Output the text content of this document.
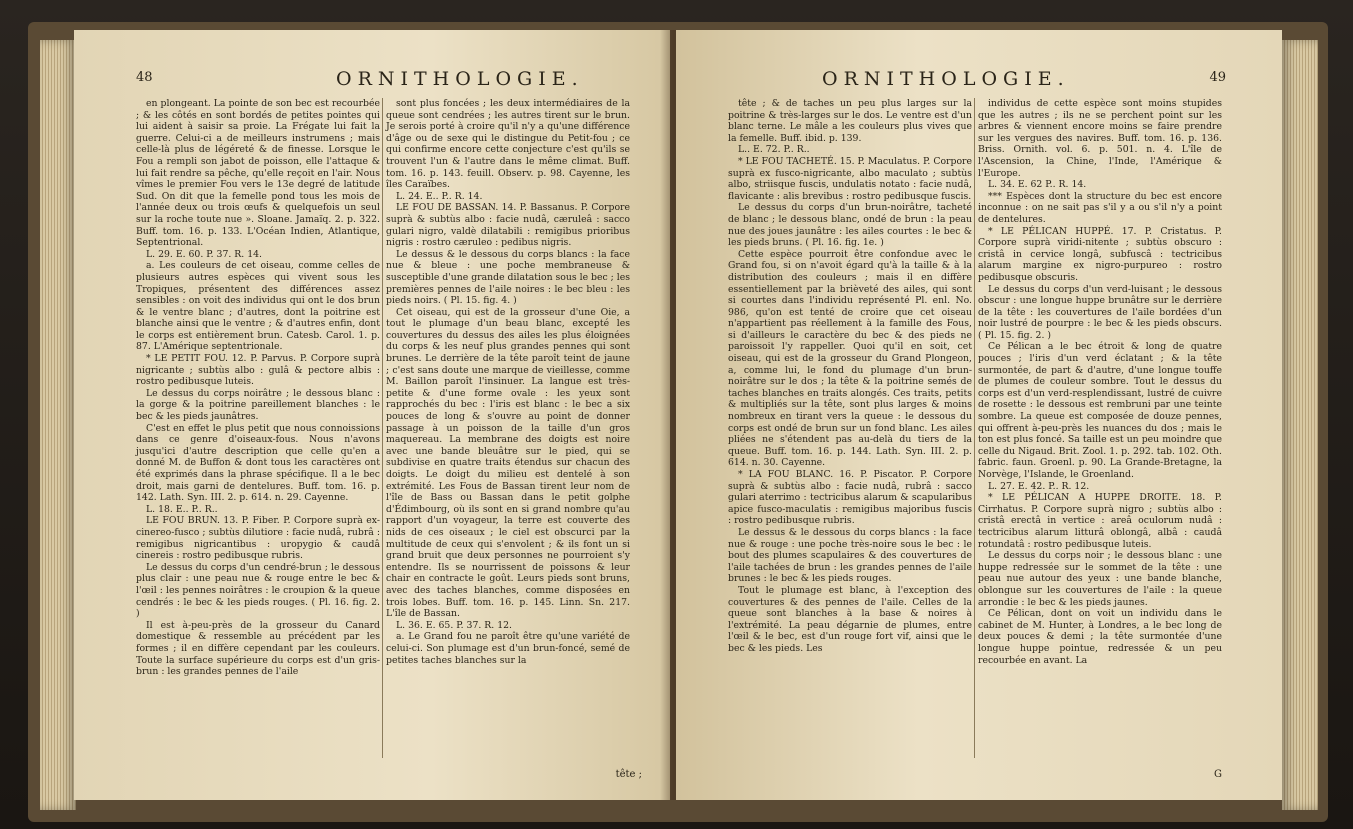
48	ORNITHOLOGIE.

en plongeant. La pointe de son bec est recourbée ; & les côtés en sont bordés de petites pointes qui lui aident à saisir sa proie. La Frégate lui fait la guerre. Celui-ci a de meilleurs instrumens ; mais celle-là plus de légéreté & de finesse. Lorsque le Fou a rempli son jabot de poisson, elle l'attaque & lui fait rendre sa pêche, qu'elle reçoit en l'air. Nous vîmes le premier Fou vers le 13e degré de latitude Sud. On dit que la femelle pond tous les mois de l'année deux ou trois œufs & quelquefois un seul sur la roche toute nue ». Sloane. Jamaïq. 2. p. 322. Buff. tom. 16. p. 133. L'Océan Indien, Atlantique, Septentrional.

L. 29. E. 60. P. 37. R. 14.

a. Les couleurs de cet oiseau, comme celles de plusieurs autres espèces qui vivent sous les Tropiques, présentent des différences assez sensibles : on voit des individus qui ont le dos brun & le ventre blanc ; d'autres, dont la poitrine est blanche ainsi que le ventre ; & d'autres enfin, dont le corps est entièrement brun. Catesb. Carol. 1. p. 87. L'Amérique septentrionale.

* LE PETIT FOU. 12. P. Parvus. P. Corpore suprà nigricante ; subtùs albo : gulâ & pectore albis : rostro pedibusque luteis.

Le dessus du corps noirâtre ; le dessous blanc : la gorge & la poitrine pareillement blanches : le bec & les pieds jaunâtres.

C'est en effet le plus petit que nous connoissions dans ce genre d'oiseaux-fous. Nous n'avons jusqu'ici d'autre description que celle qu'en a donné M. de Buffon & dont tous les caractères ont été exprimés dans la phrase spécifique. Il a le bec droit, mais garni de dentelures. Buff. tom. 16. p. 142. Lath. Syn. III. 2. p. 614. n. 29. Cayenne.

L. 18. E.. P.. R..

LE FOU BRUN. 13. P. Fiber. P. Corpore suprà ex-cinereo-fusco ; subtùs dilutiore : facie nudâ, rubrâ : remigibus nigricantibus : uropygio & caudâ cinereis : rostro pedibusque rubris.

Le dessus du corps d'un cendré-brun ; le dessous plus clair : une peau nue & rouge entre le bec & l'œil : les pennes noirâtres : le croupion & la queue cendrés : le bec & les pieds rouges. ( Pl. 16. fig. 2. )

Il est à-peu-près de la grosseur du Canard domestique & ressemble au précédent par les formes ; il en diffère cependant par les couleurs. Toute la surface supérieure du corps est d'un gris-brun : les grandes pennes de l'aile

sont plus foncées ; les deux intermédiaires de la queue sont cendrées ; les autres tirent sur le brun. Je serois porté à croire qu'il n'y a qu'une différence d'âge ou de sexe qui le distingue du Petit-fou ; ce qui confirme encore cette conjecture c'est qu'ils se trouvent l'un & l'autre dans le même climat. Buff. tom. 16. p. 143. feuill. Observ. p. 98. Cayenne, les îles Caraïbes.

L. 24. E.. P.. R. 14.

LE FOU DE BASSAN. 14. P. Bassanus. P. Corpore suprà & subtùs albo : facie nudâ, cæruleâ : sacco gulari nigro, valdè dilatabili : remigibus prioribus nigris : rostro cæruleo : pedibus nigris.

Le dessus & le dessous du corps blancs : la face nue & bleue : une poche membraneuse & susceptible d'une grande dilatation sous le bec ; les premières pennes de l'aile noires : le bec bleu : les pieds noirs. ( Pl. 15. fig. 4. )

Cet oiseau, qui est de la grosseur d'une Oie, a tout le plumage d'un beau blanc, excepté les couvertures du dessus des ailes les plus éloignées du corps & les neuf plus grandes pennes qui sont brunes. Le derrière de la tête paroît teint de jaune ; c'est sans doute une marque de vieillesse, comme M. Baillon paroît l'insinuer. La langue est très-petite & d'une forme ovale : les yeux sont rapprochés du bec : l'iris est blanc : le bec a six pouces de long & s'ouvre au point de donner passage à un poisson de la taille d'un gros maquereau. La membrane des doigts est noire avec une bande bleuâtre sur le pied, qui se subdivise en quatre traits étendus sur chacun des doigts. Le doigt du milieu est dentelé à son extrémité. Les Fous de Bassan tirent leur nom de l'île de Bass ou Bassan dans le petit golphe d'Édimbourg, où ils sont en si grand nombre qu'au rapport d'un voyageur, la terre est couverte des nids de ces oiseaux ; le ciel est obscurci par la multitude de ceux qui s'envolent ; & ils font un si grand bruit que deux personnes ne pourroient s'y entendre. Ils se nourrissent de poissons & leur chair en contracte le goût. Leurs pieds sont bruns, avec des taches blanches, comme disposées en trois lobes. Buff. tom. 16. p. 145. Linn. Sn. 217. L'île de Bassan.

L. 36. E. 65. P. 37. R. 12.

a. Le Grand fou ne paroît être qu'une variété de celui-ci. Son plumage est d'un brun-foncé, semé de petites taches blanches sur la

tête ;
ORNITHOLOGIE.	49

tête ; & de taches un peu plus larges sur la poitrine & très-larges sur le dos. Le ventre est d'un blanc terne. Le mâle a les couleurs plus vives que la femelle. Buff. ibid. p. 139.

L.. E. 72. P.. R..

* LE FOU TACHETÉ. 15. P. Maculatus. P. Corpore suprà ex fusco-nigricante, albo maculato ; subtùs albo, striisque fuscis, undulatis notato : facie nudâ, flavicante : alis brevibus : rostro pedibusque fuscis.

Le dessus du corps d'un brun-noirâtre, tacheté de blanc ; le dessous blanc, ondé de brun : la peau nue des joues jaunâtre : les ailes courtes : le bec & les pieds bruns. ( Pl. 16. fig. 1e. )

Cette espèce pourroit être confondue avec le Grand fou, si on n'avoit égard qu'à la taille & à la distribution des couleurs ; mais il en diffère essentiellement par la brièveté des ailes, qui sont si courtes dans l'individu représenté Pl. enl. No. 986, qu'on est tenté de croire que cet oiseau n'appartient pas réellement à la famille des Fous, si d'ailleurs le caractère du bec & des pieds ne paroissoit l'y rappeller. Quoi qu'il en soit, cet oiseau, qui est de la grosseur du Grand Plongeon, a, comme lui, le fond du plumage d'un brun-noirâtre sur le dos ; la tête & la poitrine semés de taches blanches en traits alongés. Ces traits, petits & multipliés sur la tête, sont plus larges & moins nombreux en tirant vers la queue : le dessous du corps est ondé de brun sur un fond blanc. Les ailes pliées ne s'étendent pas au-delà du tiers de la queue. Buff. tom. 16. p. 144. Lath. Syn. III. 2. p. 614. n. 30. Cayenne.

* LA FOU BLANC. 16. P. Piscator. P. Corpore suprà & subtùs albo : facie nudâ, rubrâ : sacco gulari aterrimo : tectricibus alarum & scapularibus apice fusco-maculatis : remigibus majoribus fuscis : rostro pedibusque rubris.

Le dessus & le dessous du corps blancs : la face nue & rouge : une poche très-noire sous le bec : le bout des plumes scapulaires & des couvertures de l'aile tachées de brun : les grandes pennes de l'aile brunes : le bec & les pieds rouges.

Tout le plumage est blanc, à l'exception des couvertures & des pennes de l'aile. Celles de la queue sont blanches à la base & noires à l'extrémité. La peau dégarnie de plumes, entre l'œil & le bec, est d'un rouge fort vif, ainsi que le bec & les pieds. Les

individus de cette espèce sont moins stupides que les autres ; ils ne se perchent point sur les arbres & viennent encore moins se faire prendre sur les vergues des navires. Buff. tom. 16. p. 136. Briss. Ornith. vol. 6. p. 501. n. 4. L'île de l'Ascension, la Chine, l'Inde, l'Amérique & l'Europe.

L. 34. E. 62 P.. R. 14.

*** Espèces dont la structure du bec est encore inconnue : on ne sait pas s'il y a ou s'il n'y a point de dentelures.

* LE PÉLICAN HUPPÉ. 17. P. Cristatus. P. Corpore suprà viridi-nitente ; subtùs obscuro : cristâ in cervice longâ, subfuscâ : tectricibus alarum margine ex nigro-purpureo : rostro pedibusque obscuris.

Le dessus du corps d'un verd-luisant ; le dessous obscur : une longue huppe brunâtre sur le derrière de la tête : les couvertures de l'aile bordées d'un noir lustré de pourpre : le bec & les pieds obscurs. ( Pl. 15. fig. 2. )

Ce Pélican a le bec étroit & long de quatre pouces ; l'iris d'un verd éclatant ; & la tête surmontée, de part & d'autre, d'une longue touffe de plumes de couleur sombre. Tout le dessus du corps est d'un verd-resplendissant, lustré de cuivre de rosette : le dessous est rembruni par une teinte sombre. La queue est composée de douze pennes, qui offrent à-peu-près les nuances du dos ; mais le ton est plus foncé. Sa taille est un peu moindre que celle du Nigaud. Brit. Zool. 1. p. 292. tab. 102. Oth. fabric. faun. Groenl. p. 90. La Grande-Bretagne, la Norvège, l'Islande, le Groenland.

L. 27. E. 42. P.. R. 12.

* LE PÉLICAN A HUPPE DROITE. 18. P. Cirrhatus. P. Corpore suprà nigro ; subtùs albo : cristâ erectâ in vertice : areâ oculorum nudâ : tectricibus alarum litturâ oblongâ, albâ : caudâ rotundatâ : rostro pedibusque luteis.

Le dessus du corps noir ; le dessous blanc : une huppe redressée sur le sommet de la tête : une peau nue autour des yeux : une bande blanche, oblongue sur les couvertures de l'aile : la queue arrondie : le bec & les pieds jaunes.

Ce Pélican, dont on voit un individu dans le cabinet de M. Hunter, à Londres, a le bec long de deux pouces & demi ; la tête surmontée d'une longue huppe pointue, redressée & un peu recourbée en avant. La

G
